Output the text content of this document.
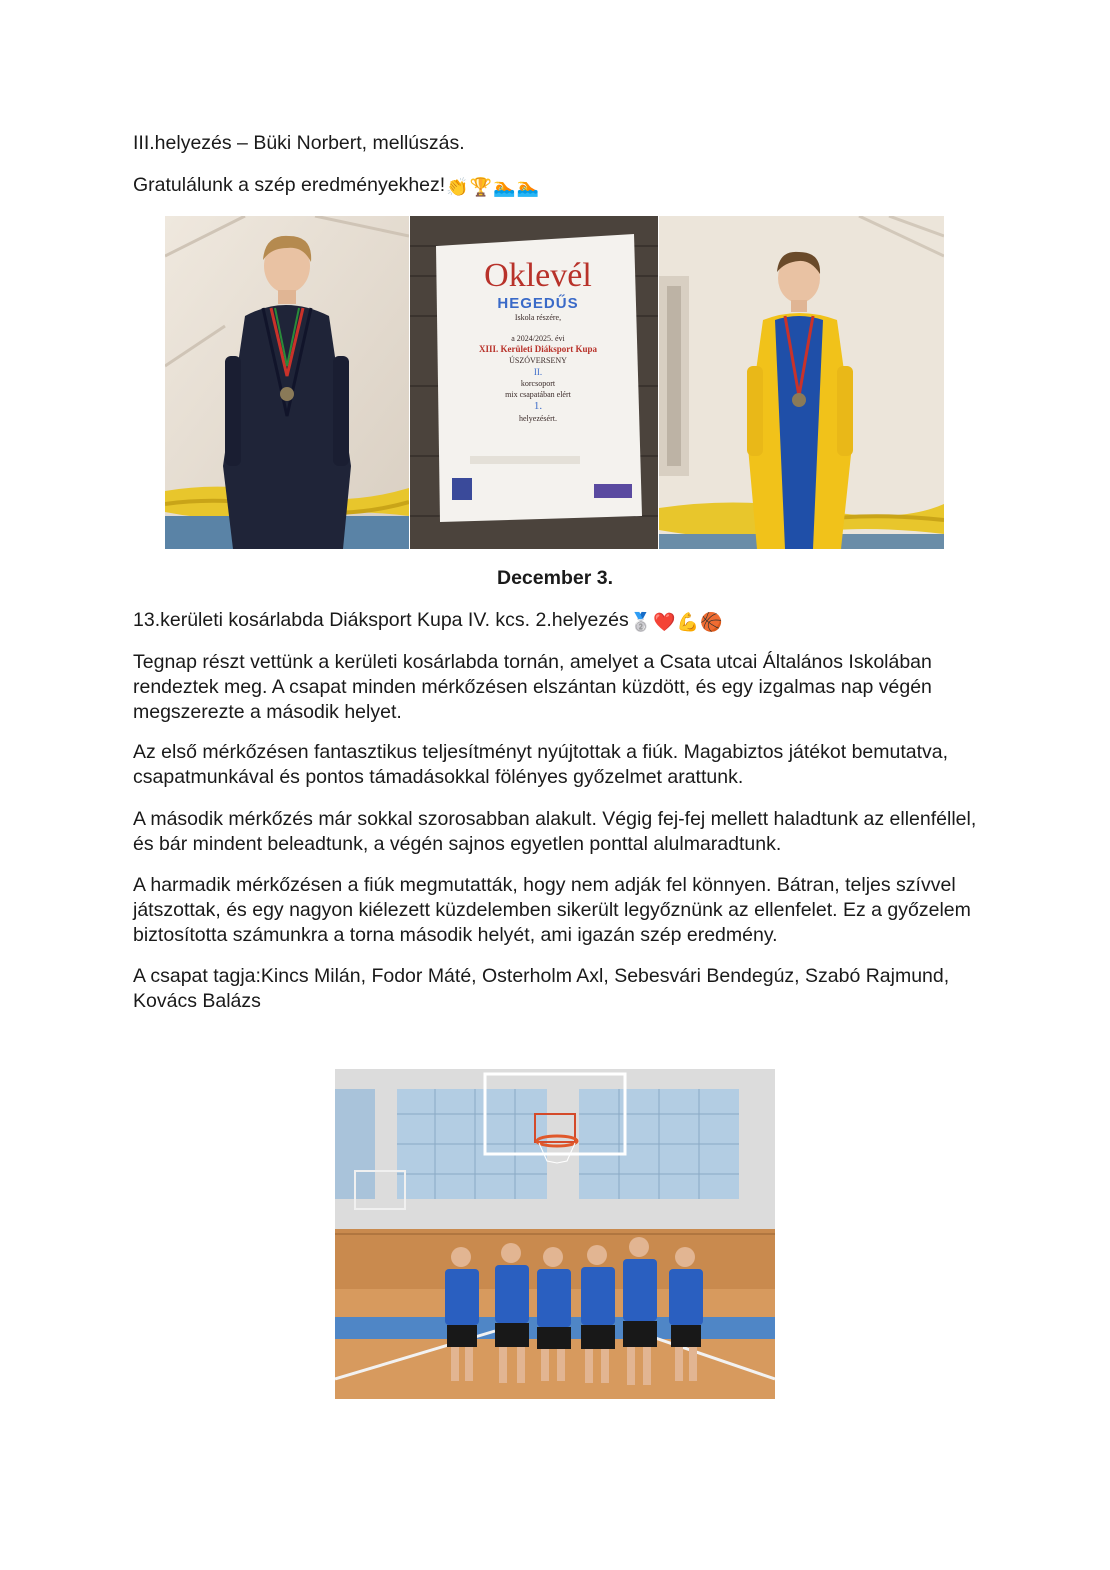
III.helyezés – Büki Norbert, mellúszás.

Gratulálunk a szép eredményekhez!👏🏆🏊🏊

Oklevél
HEGEDŰS
Iskola részére,
a 2024/2025. évi
XIII. Kerületi Diáksport Kupa
ÚSZÓVERSENY
II.
korcsoport
mix csapatában elért
1.
helyezésért.
December 3.

13.kerületi kosárlabda Diáksport Kupa IV. kcs. 2.helyezés🥈❤️💪🏀

Tegnap részt vettünk a kerületi kosárlabda tornán, amelyet a Csata utcai Általános Iskolában rendeztek meg. A csapat minden mérkőzésen elszántan küzdött, és egy izgalmas nap végén megszerezte a második helyet.

Az első mérkőzésen fantasztikus teljesítményt nyújtottak a fiúk. Magabiztos játékot bemutatva, csapatmunkával és pontos támadásokkal fölényes győzelmet arattunk.

A második mérkőzés már sokkal szorosabban alakult. Végig fej-fej mellett haladtunk az ellenféllel, és bár mindent beleadtunk, a végén sajnos egyetlen ponttal alulmaradtunk.

A harmadik mérkőzésen a fiúk megmutatták, hogy nem adják fel könnyen. Bátran, teljes szívvel játszottak, és egy nagyon kiélezett küzdelemben sikerült legyőznünk az ellenfelet. Ez a győzelem biztosította számunkra a torna második helyét, ami igazán szép eredmény.

A csapat tagja:Kincs Milán, Fodor Máté, Osterholm Axl, Sebesvári Bendegúz, Szabó Rajmund, Kovács Balázs
